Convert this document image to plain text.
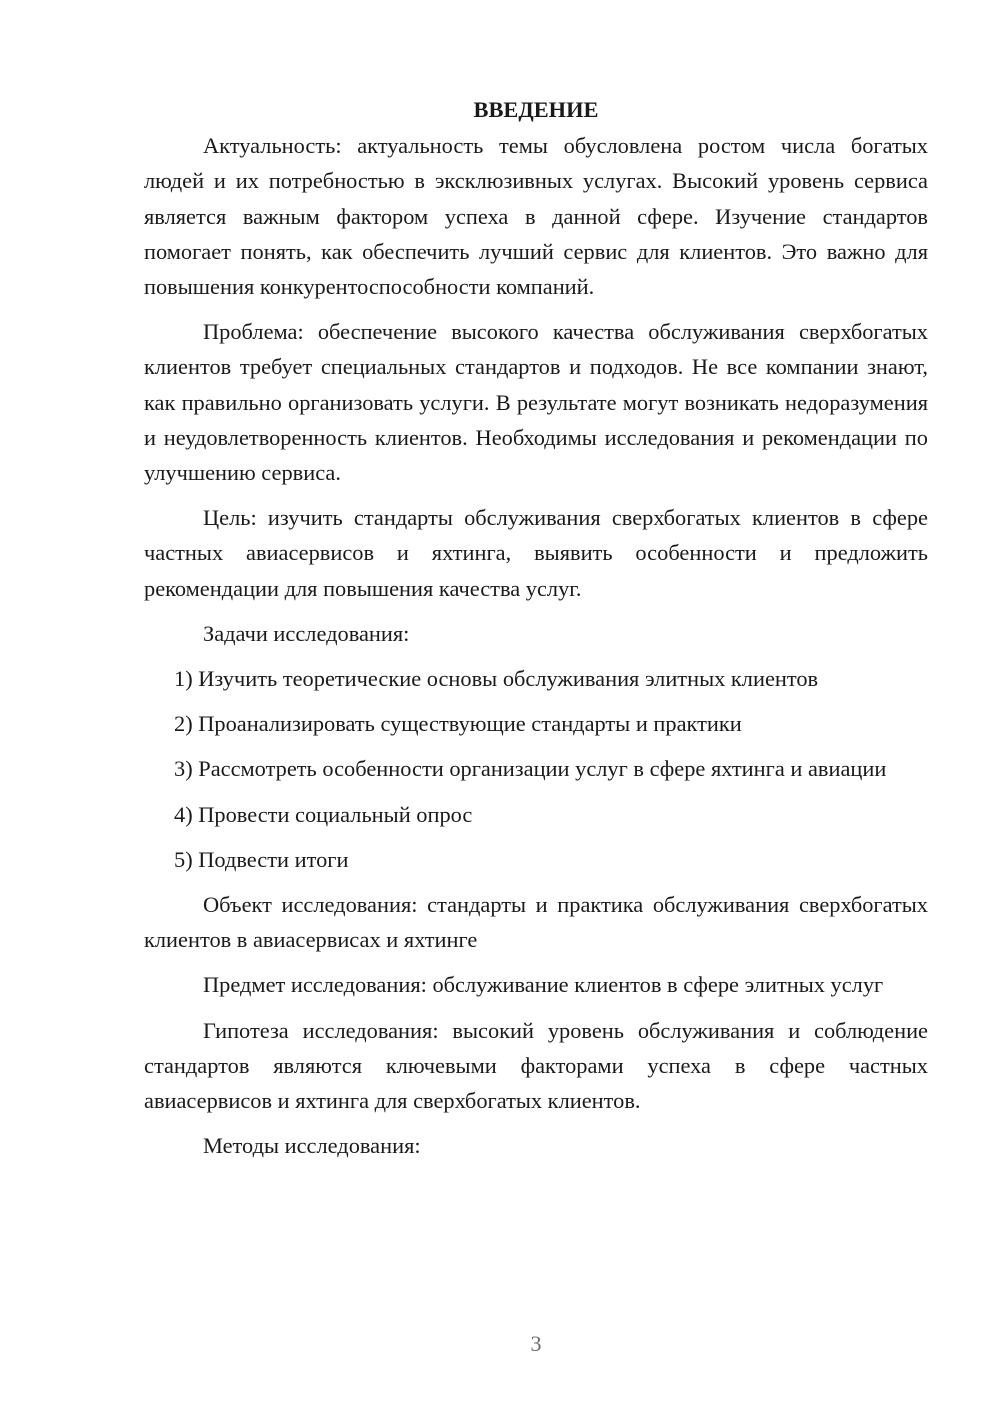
ВВЕДЕНИЕ

Актуальность: актуальность темы обусловлена ростом числа богатых людей и их потребностью в эксклюзивных услугах. Высокий уровень сервиса является важным фактором успеха в данной сфере. Изучение стандартов помогает понять, как обеспечить лучший сервис для клиентов. Это важно для повышения конкурентоспособности компаний.

Проблема: обеспечение высокого качества обслуживания сверхбогатых клиентов требует специальных стандартов и подходов. Не все компании знают, как правильно организовать услуги. В результате могут возникать недоразумения и неудовлетворенность клиентов. Необходимы исследования и рекомендации по улучшению сервиса.

Цель: изучить стандарты обслуживания сверхбогатых клиентов в сфере частных авиасервисов и яхтинга, выявить особенности и предложить рекомендации для повышения качества услуг.

Задачи исследования:

1) Изучить теоретические основы обслуживания элитных клиентов

2) Проанализировать существующие стандарты и практики

3) Рассмотреть особенности организации услуг в сфере яхтинга и авиации

4) Провести социальный опрос

5) Подвести итоги

Объект исследования: стандарты и практика обслуживания сверхбогатых клиентов в авиасервисах и яхтинге

Предмет исследования: обслуживание клиентов в сфере элитных услуг

Гипотеза исследования: высокий уровень обслуживания и соблюдение стандартов являются ключевыми факторами успеха в сфере частных авиасервисов и яхтинга для сверхбогатых клиентов.

Методы исследования:

3
